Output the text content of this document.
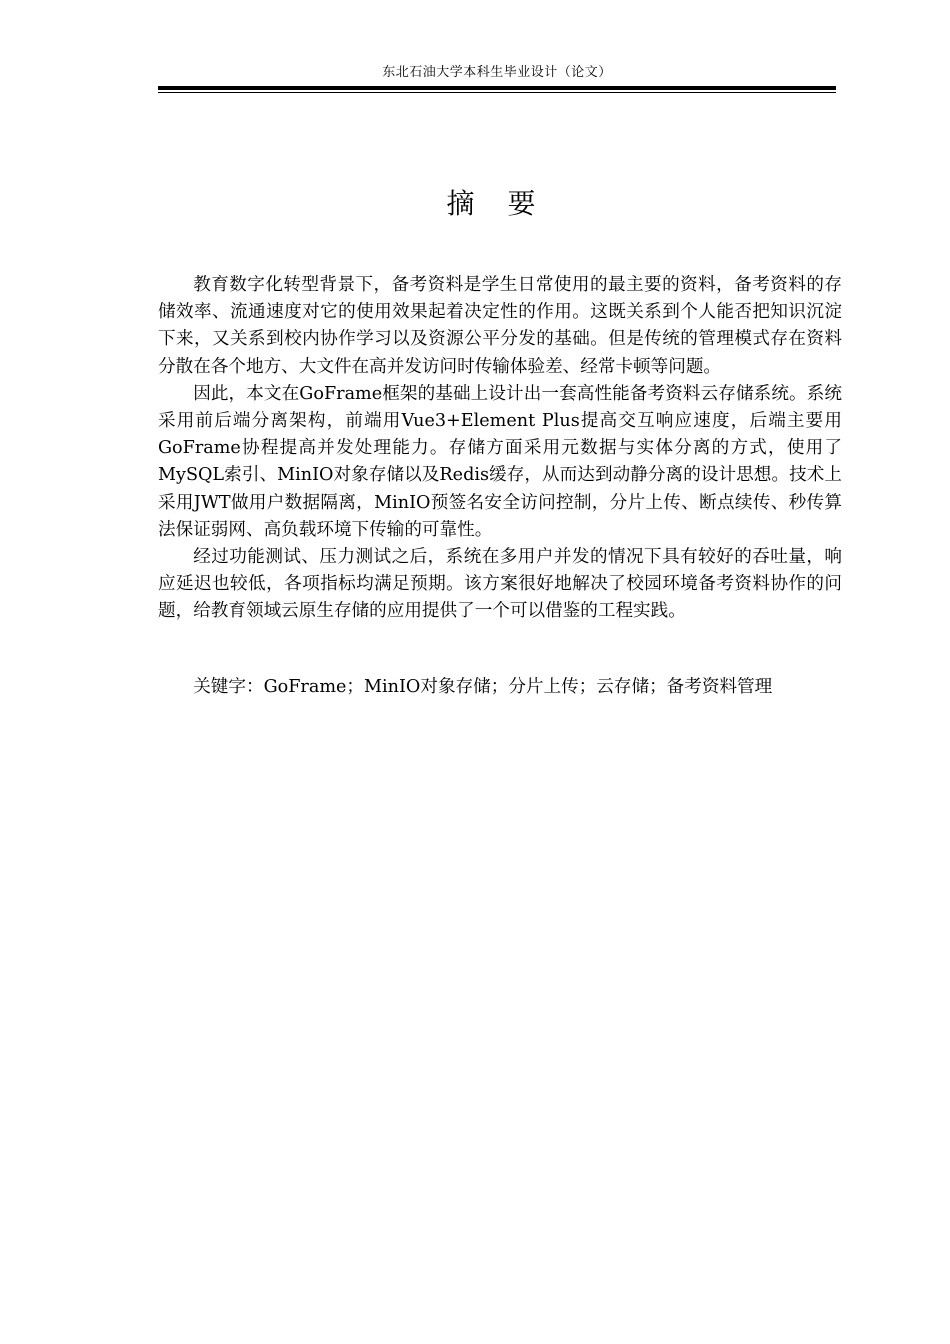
东北石油大学本科生毕业设计（论文）
摘 要

教育数字化转型背景下，备考资料是学生日常使用的最主要的资料，备考资料的存储效率、流通速度对它的使用效果起着决定性的作用。这既关系到个人能否把知识沉淀下来，又关系到校内协作学习以及资源公平分发的基础。但是传统的管理模式存在资料分散在各个地方、大文件在高并发访问时传输体验差、经常卡顿等问题。

因此，本文在GoFrame框架的基础上设计出一套高性能备考资料云存储系统。系统采用前后端分离架构，前端用Vue3+Element Plus提高交互响应速度，后端主要用GoFrame协程提高并发处理能力。存储方面采用元数据与实体分离的方式，使用了MySQL索引、MinIO对象存储以及Redis缓存，从而达到动静分离的设计思想。技术上采用JWT做用户数据隔离，MinIO预签名安全访问控制，分片上传、断点续传、秒传算法保证弱网、高负载环境下传输的可靠性。

经过功能测试、压力测试之后，系统在多用户并发的情况下具有较好的吞吐量，响应延迟也较低，各项指标均满足预期。该方案很好地解决了校园环境备考资料协作的问题，给教育领域云原生存储的应用提供了一个可以借鉴的工程实践。

关键字：GoFrame；MinIO对象存储；分片上传；云存储；备考资料管理
